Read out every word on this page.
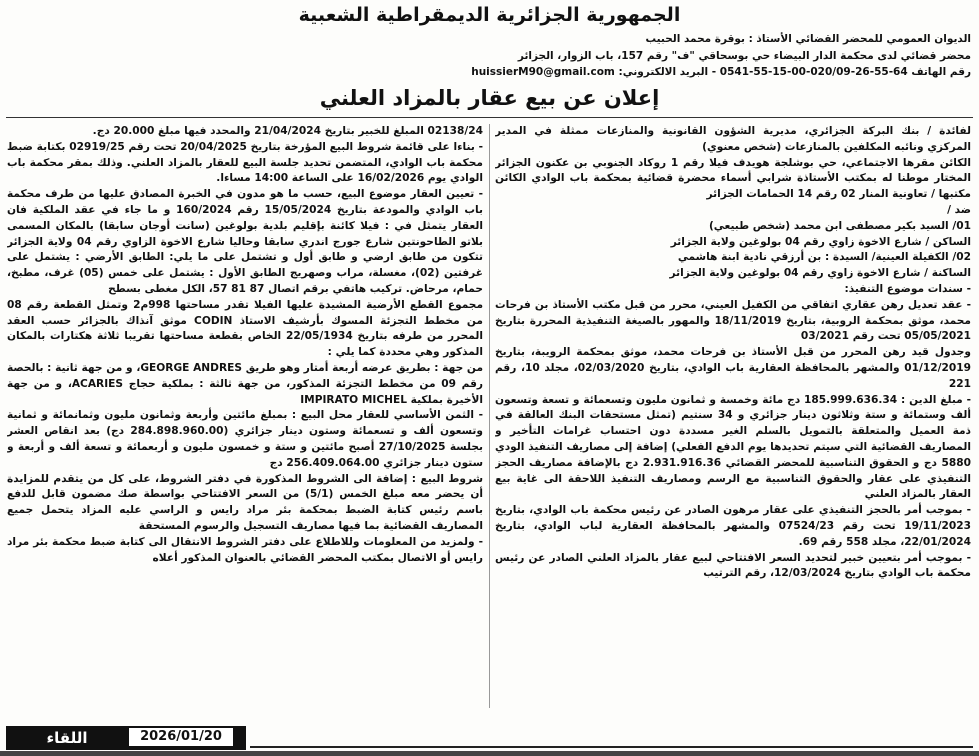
الجمهورية الجزائرية الديمقراطية الشعبية
الديوان العمومي للمحضر القضائي الأستاذ : بوقرة محمد الحبيب
محضر قضائي لدى محكمة الدار البيضاء حي بوسحاقي "ف" رقم 157، باب الزوار، الجزائر
رقم الهاتف 64-55-26-020/09-00-15-55-0541 - البريد الالكتروني: huissierM90@gmail.com
إعلان عن بيع عقار بالمزاد العلني

لفائدة / بنك البركة الجزائري، مديرية الشؤون القانونية والمنازعات ممثلة في المدير المركزي ونائبه المكلفين بالمنازعات (شخص معنوي)
الكائن مقرها الاجتماعي، حي بوشلجة هويدف فيلا رقم 1 روكاد الجنوبي بن عكنون الجزائر المختار موطنا له بمكتب الأستاذة شرابي أسماء محضرة قضائية بمحكمة باب الوادي الكائن مكتبها / تعاونية المنار 02 رقم 14 الحمامات الجزائر
ضد /
01/ السيد بكير مصطفى ابن محمد (شخص طبيعي)
الساكن / شارع الاخوة زاوي رقم 04 بولوغين ولاية الجزائر
02/ الكفيلة العينية/ السيدة : بن أرزقي نادية ابنة هاشمي
الساكنة / شارع الاخوة زاوي رقم 04 بولوغين ولاية الجزائر
- سندات موضوع التنفيذ:
- عقد تعديل رهن عقاري اتفاقي من الكفيل العيني، محرر من قبل مكتب الأستاذ بن فرحات محمد، موثق بمحكمة الروبية، بتاريخ 18/11/2019 والمهور بالصيغة التنفيذية المحررة بتاريخ 05/05/2021 تحت رقم 03/2021
وجدول قيد رهن المحرر من قبل الأستاذ بن فرحات محمد، موثق بمحكمة الرويبة، بتاريخ 01/12/2019 والمشهر بالمحافظة العقارية باب الوادي، بتاريخ 02/03/2020، مجلد 10، رقم 221
- مبلغ الدين : 185.999.636.34 دج مائة وخمسة و ثمانون مليون وتسعمائة و تسعة وتسعون ألف وستمائة و ستة وثلاثون دينار جزائري و 34 سنتيم (تمثل مستحقات البنك العالقة في ذمة العميل والمتعلقة بالتمويل بالسلم الغير مسددة دون احتساب غرامات التأخير و المصاريف القضائية التي سيتم تحديدها يوم الدفع الفعلي) إضافة إلى مصاريف التنفيذ الودي 5880 دج و الحقوق التناسبية للمحضر القضائي 2.931.916.36 دج بالإضافة مصاريف الحجز التنفيذي على عقار والحقوق التناسبية مع الرسم ومصاريف التنفيذ اللاحقة الى غاية بيع العقار بالمزاد العلني
- بموجب أمر بالحجز التنفيذي على عقار مرهون الصادر عن رئيس محكمة باب الوادي، بتاريخ 19/11/2023 تحت رقم 07524/23 والمشهر بالمحافظة العقارية لباب الوادي، بتاريخ 22/01/2024، مجلد 558 رقم 69.
- بموجب أمر بتعيين خبير لتحديد السعر الافتتاحي لبيع عقار بالمزاد العلني الصادر عن رئيس محكمة باب الوادي بتاريخ 12/03/2024، رقم الترتيب

02138/24 المبلغ للخبير بتاريخ 21/04/2024 والمحدد فيها مبلغ 20.000 دج.
- بناءا على قائمة شروط البيع المؤرخة بتاريخ 20/04/2025 تحت رقم 02919/25 بكتابة ضبط محكمة باب الوادي، المتضمن تحديد جلسة البيع للعقار بالمزاد العلني. وذلك بمقر محكمة باب الوادي يوم 16/02/2026 على الساعة 14:00 مساءا.
- تعيين العقار موضوع البيع، حسب ما هو مدون في الخبرة المصادق عليها من طرف محكمة باب الوادي والمودعة بتاريخ 15/05/2024 رقم 160/2024 و ما جاء في عقد الملكية فان العقار يتمثل في : فيلا كائنة بإقليم بلدية بولوغين (سانت أوجان سابقا) بالمكان المسمى بلاتو الطاحونتين شارع جورج اندري سابقا وحاليا شارع الاخوة الزاوي رقم 04 ولاية الجزائر تتكون من طابق ارضي و طابق أول و تشتمل على ما يلي: الطابق الأرضي : يشتمل على غرفتين (02)، مغسلة، مراب وصهريج الطابق الأول : يشتمل على خمس (05) غرف، مطبخ، حمام، مرحاض. تركيب هاتفي برقم اتصال 87 81 57، الكل مغطى بسطح
مجموع القطع الأرضية المشيدة عليها الفيلا تقدر مساحتها 998م2 وتمثل القطعة رقم 08 من مخطط التجزئة المسوك بأرشيف الاستاذ CODIN موثق آنذاك بالجزائر حسب العقد المحرر من طرفه بتاريخ 22/05/1934 الخاص بقطعة مساحتها تقريبا ثلاثة هكتارات بالمكان المذكور وهي محددة كما يلي :
من جهة : بطريق عرضه أربعة أمتار وهو طريق GEORGE ANDRES، و من جهة ثانية : بالحصة رقم 09 من مخطط التجزئة المذكور، من جهة ثالثة : بملكية حجاج ACARIES، و من جهة الأخيرة بملكية IMPIRATO MICHEL
- الثمن الأساسي للعقار محل البيع : بمبلغ مائتين وأربعة وثمانون مليون وثمانمائة و ثمانية وتسعون ألف و تسعمائة وستون دينار جزائري (284.898.960.00 دج) بعد انقاص العشر بجلسة 27/10/2025 أصبح مائتين و ستة و خمسون مليون و أربعمائة و تسعة ألف و أربعة و ستون دينار جزائري 256.409.064.00 دج
شروط البيع : إضافة الى الشروط المذكورة في دفتر الشروط، على كل من يتقدم للمزايدة أن يحضر معه مبلغ الخمس (5/1) من السعر الافتتاحي بواسطة صك مضمون قابل للدفع باسم رئيس كتابة الضبط بمحكمة بئر مراد رايس و الراسي عليه المزاد يتحمل جميع المصاريف القضائية بما فيها مصاريف التسجيل والرسوم المستحقة
- ولمزيد من المعلومات وللاطلاع على دفتر الشروط الانتقال الى كتابة ضبط محكمة بئر مراد رايس أو الاتصال بمكتب المحضر القضائي بالعنوان المذكور أعلاه

2026/01/20
اللقاء
